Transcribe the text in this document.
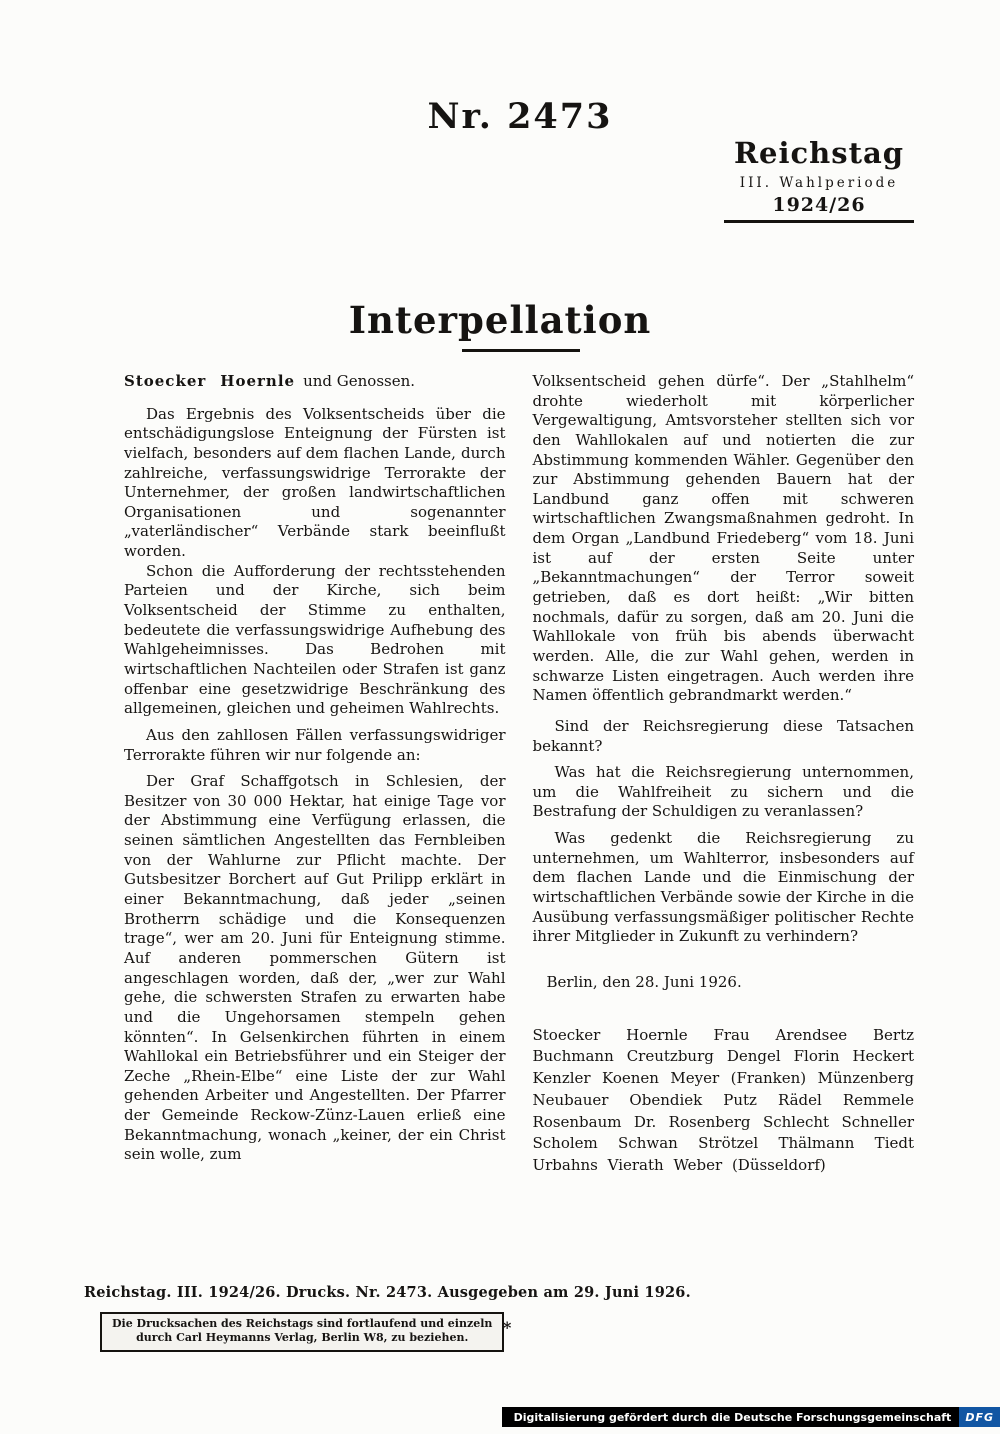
Nr. 2473
Reichstag
III. Wahlperiode
1924/26
Interpellation

Stoecker Hoernle und Genossen.

Das Ergebnis des Volksentscheids über die entschädigungslose Enteignung der Fürsten ist vielfach, besonders auf dem flachen Lande, durch zahlreiche, verfassungswidrige Terrorakte der Unternehmer, der großen landwirtschaftlichen Organisationen und sogenannter „vaterländischer“ Verbände stark beeinflußt worden.

Schon die Aufforderung der rechtsstehenden Parteien und der Kirche, sich beim Volksentscheid der Stimme zu enthalten, bedeutete die verfassungswidrige Aufhebung des Wahlgeheimnisses. Das Bedrohen mit wirtschaftlichen Nachteilen oder Strafen ist ganz offenbar eine gesetzwidrige Beschränkung des allgemeinen, gleichen und geheimen Wahlrechts.

Aus den zahllosen Fällen verfassungswidriger Terrorakte führen wir nur folgende an:

Der Graf Schaffgotsch in Schlesien, der Besitzer von 30 000 Hektar, hat einige Tage vor der Abstimmung eine Verfügung erlassen, die seinen sämtlichen Angestellten das Fernbleiben von der Wahlurne zur Pflicht machte. Der Gutsbesitzer Borchert auf Gut Prilipp erklärt in einer Bekanntmachung, daß jeder „seinen Brotherrn schädige und die Konsequenzen trage“, wer am 20. Juni für Enteignung stimme. Auf anderen pommerschen Gütern ist angeschlagen worden, daß der, „wer zur Wahl gehe, die schwersten Strafen zu erwarten habe und die Ungehorsamen stempeln gehen könnten“. In Gelsenkirchen führten in einem Wahllokal ein Betriebsführer und ein Steiger der Zeche „Rhein-Elbe“ eine Liste der zur Wahl gehenden Arbeiter und Angestellten. Der Pfarrer der Gemeinde Reckow-Zünz-Lauen erließ eine Bekanntmachung, wonach „keiner, der ein Christ sein wolle, zum

Volksentscheid gehen dürfe“. Der „Stahlhelm“ drohte wiederholt mit körperlicher Vergewaltigung, Amtsvorsteher stellten sich vor den Wahllokalen auf und notierten die zur Abstimmung kommenden Wähler. Gegenüber den zur Abstimmung gehenden Bauern hat der Landbund ganz offen mit schweren wirtschaftlichen Zwangsmaßnahmen gedroht. In dem Organ „Landbund Friedeberg“ vom 18. Juni ist auf der ersten Seite unter „Bekanntmachungen“ der Terror soweit getrieben, daß es dort heißt: „Wir bitten nochmals, dafür zu sorgen, daß am 20. Juni die Wahllokale von früh bis abends überwacht werden. Alle, die zur Wahl gehen, werden in schwarze Listen eingetragen. Auch werden ihre Namen öffentlich gebrandmarkt werden.“

Sind der Reichsregierung diese Tatsachen bekannt?

Was hat die Reichsregierung unternommen, um die Wahlfreiheit zu sichern und die Bestrafung der Schuldigen zu veranlassen?

Was gedenkt die Reichsregierung zu unternehmen, um Wahlterror, insbesonders auf dem flachen Lande und die Einmischung der wirtschaftlichen Verbände sowie der Kirche in die Ausübung verfassungsmäßiger politischer Rechte ihrer Mitglieder in Zukunft zu verhindern?

Berlin, den 28. Juni 1926.

Stoecker Hoernle Frau Arendsee Bertz Buchmann Creutzburg Dengel Florin Heckert Kenzler Koenen Meyer (Franken) Münzenberg Neubauer Obendiek Putz Rädel Remmele Rosenbaum Dr. Rosenberg Schlecht Schneller Scholem Schwan Strötzel Thälmann Tiedt Urbahns Vierath Weber (Düsseldorf)

Reichstag. III. 1924/26. Drucks. Nr. 2473. Ausgegeben am 29. Juni 1926.
Die Drucksachen des Reichstags sind fortlaufend und einzeln
durch Carl Heymanns Verlag, Berlin W8, zu beziehen.
*
Digitalisierung gefördert durch die Deutsche Forschungsgemeinschaft	DFG
